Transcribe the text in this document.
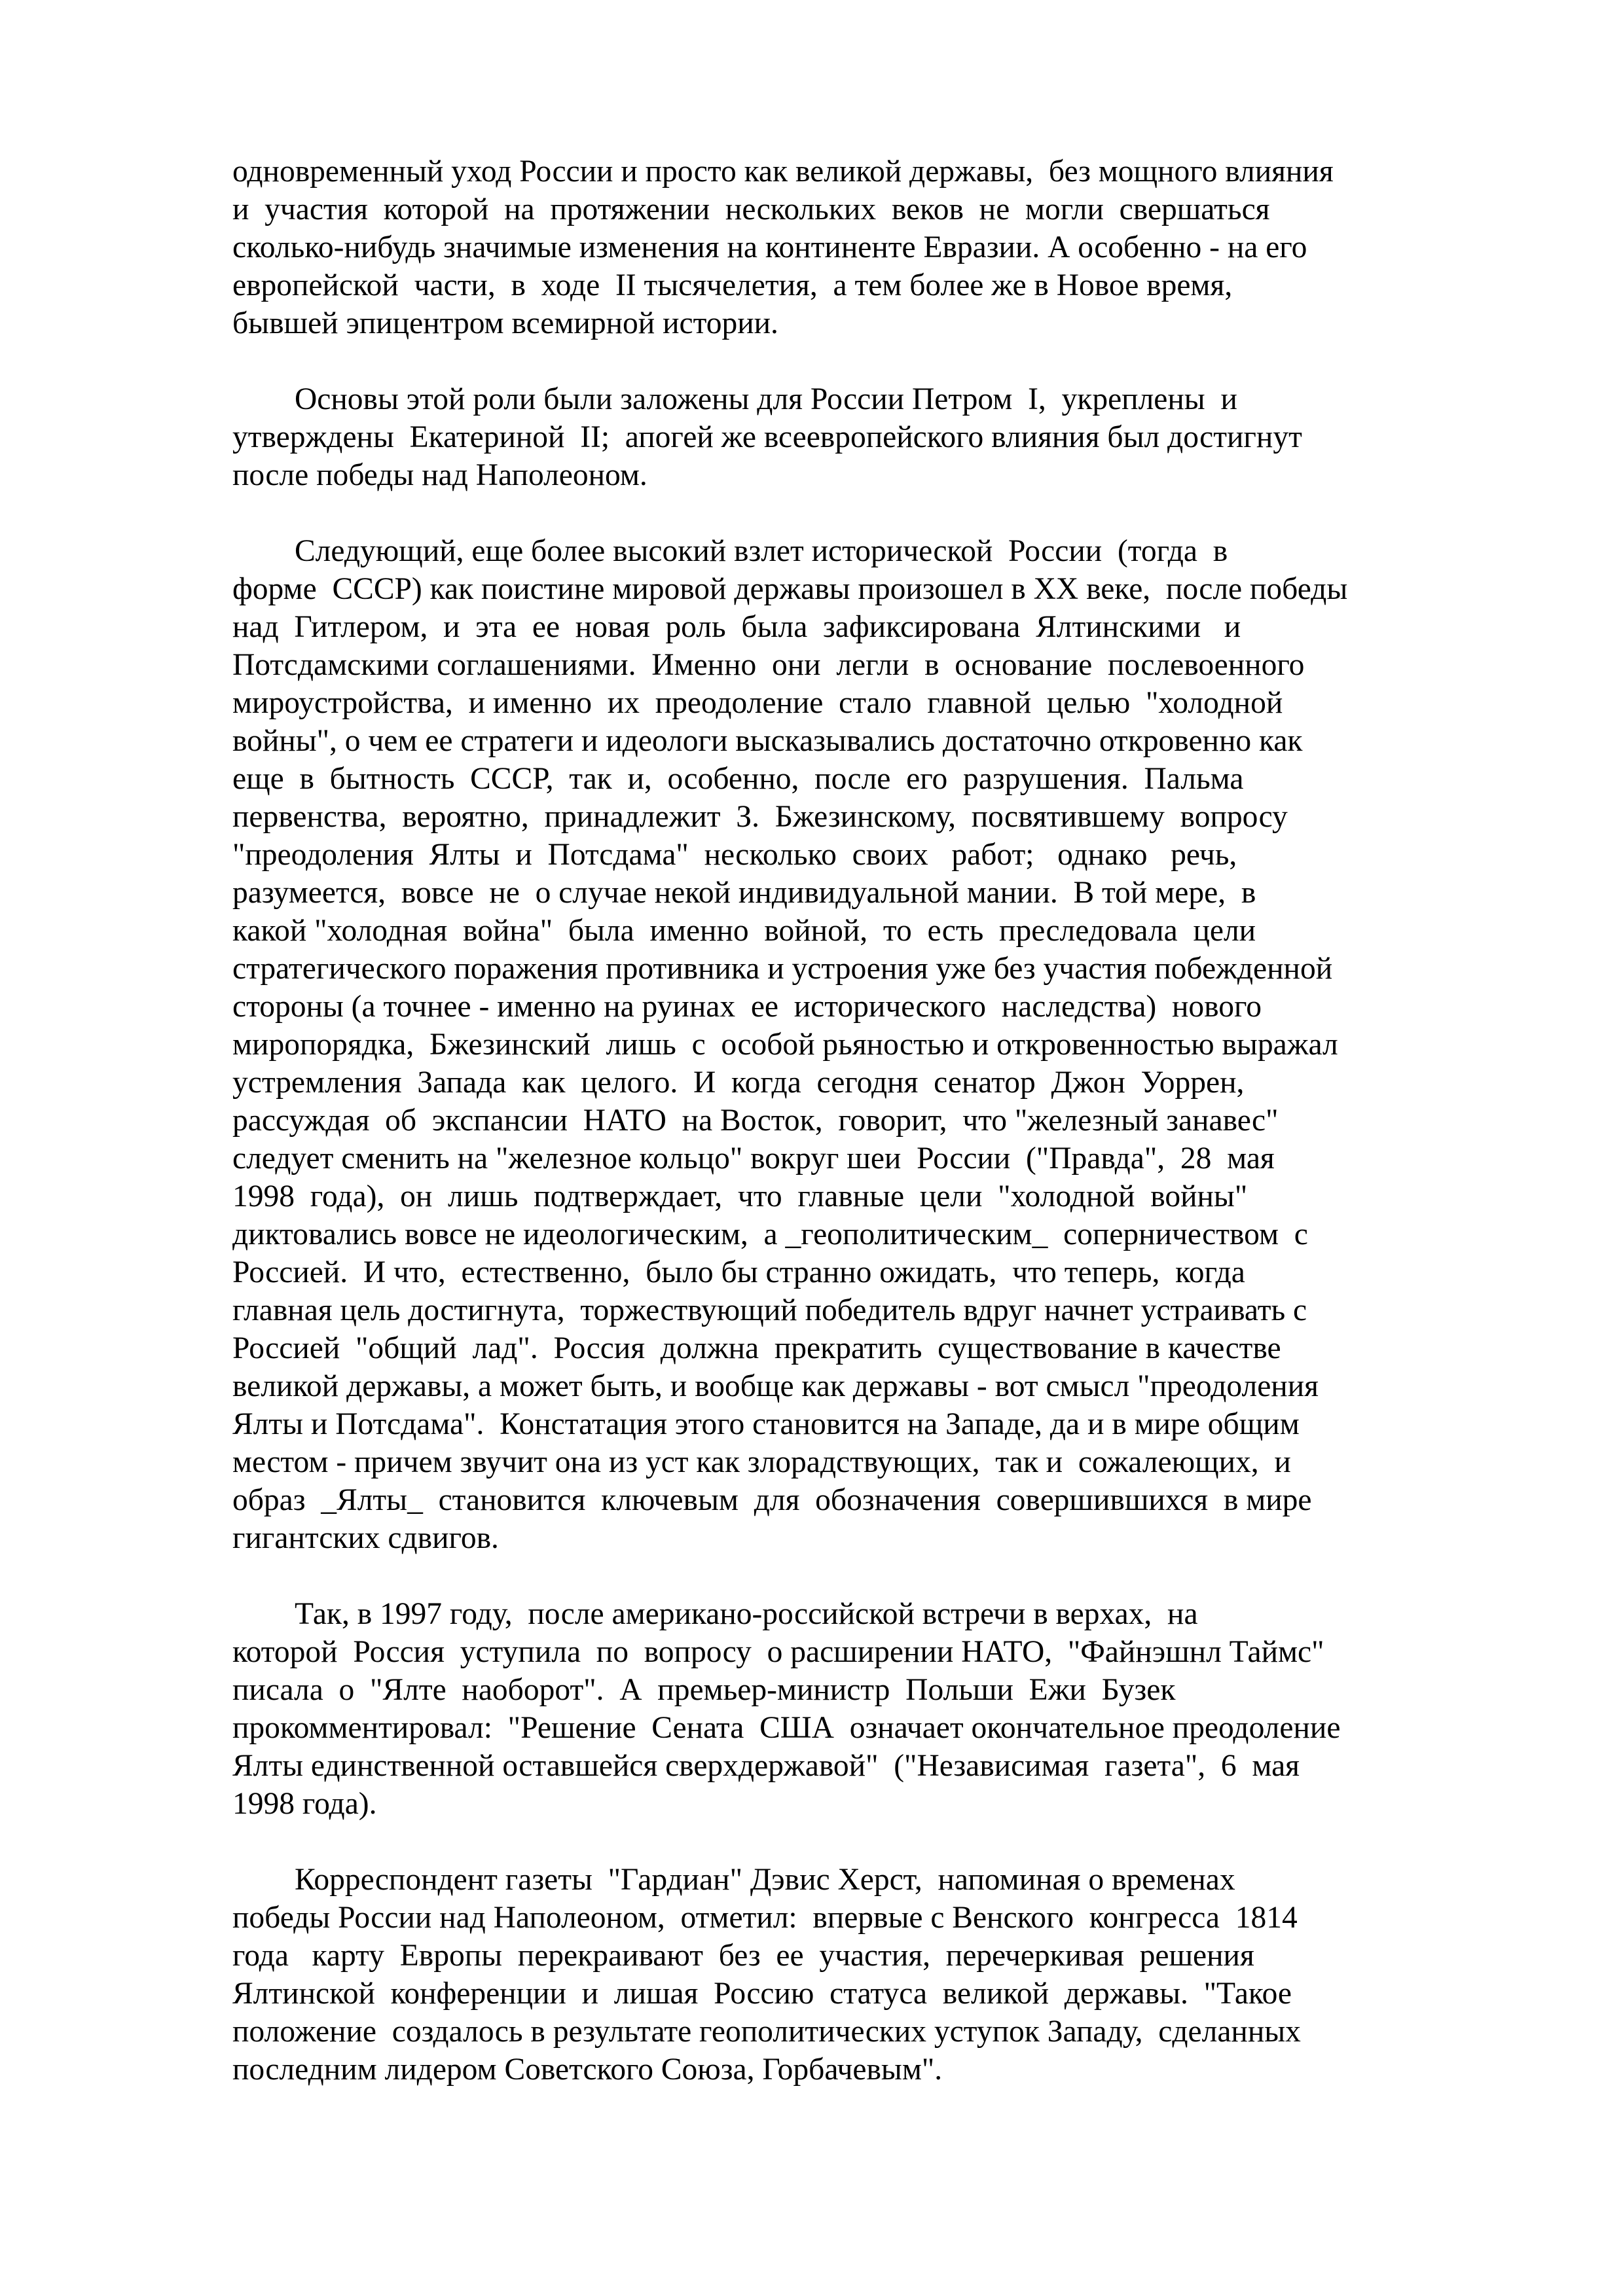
одновременный уход России и просто как великой державы,  без мощного влияния
и  участия  которой  на  протяжении  нескольких  веков  не  могли  свершаться
сколько-нибудь значимые изменения на континенте Евразии. А особенно - на его
европейской  части,  в  ходе  II тысячелетия,  а тем более же в Новое время,
бывшей эпицентром всемирной истории.
Основы этой роли были заложены для России Петром  I,  укреплены  и
утверждены  Екатериной  II;  апогей же всеевропейского влияния был достигнут
после победы над Наполеоном.
Следующий, еще более высокий взлет исторической  России  (тогда  в
форме  СССР) как поистине мировой державы произошел в XX веке,  после победы
над  Гитлером,  и  эта  ее  новая  роль  была  зафиксирована  Ялтинскими   и
Потсдамскими соглашениями.  Именно  они  легли  в  основание  послевоенного
мироустройства,  и именно  их  преодоление  стало  главной  целью  "холодной
войны", о чем ее стратеги и идеологи высказывались достаточно откровенно как
еще  в  бытность  СССР,  так  и,  особенно,  после  его  разрушения.  Пальма
первенства,  вероятно,  принадлежит  З.  Бжезинскому,  посвятившему  вопросу
"преодоления  Ялты  и  Потсдама"  несколько  своих   работ;   однако   речь,
разумеется,  вовсе  не  о случае некой индивидуальной мании.  В той мере,  в
какой "холодная  война"  была  именно  войной,  то  есть  преследовала  цели
стратегического поражения противника и устроения уже без участия побежденной
стороны (а точнее - именно на руинах  ее  исторического  наследства)  нового
миропорядка,  Бжезинский  лишь  с  особой рьяностью и откровенностью выражал
устремления  Запада  как  целого.  И  когда  сегодня  сенатор  Джон  Уоррен,
рассуждая  об  экспансии  НАТО  на Восток,  говорит,  что "железный занавес"
следует сменить на "железное кольцо" вокруг шеи  России  ("Правда",  28  мая
1998  года),  он  лишь  подтверждает,  что  главные  цели  "холодной  войны"
диктовались вовсе не идеологическим,  а _геополитическим_  соперничеством  с
Россией.  И что,  естественно,  было бы странно ожидать,  что теперь,  когда
главная цель достигнута,  торжествующий победитель вдруг начнет устраивать с
Россией  "общий  лад".  Россия  должна  прекратить  существование в качестве
великой державы, а может быть, и вообще как державы - вот смысл "преодоления
Ялты и Потсдама".  Констатация этого становится на Западе, да и в мире общим
местом - причем звучит она из уст как злорадствующих,  так и  сожалеющих,  и
образ  _Ялты_  становится  ключевым  для  обозначения  совершившихся  в мире
гигантских сдвигов.
Так, в 1997 году,  после американо-российской встречи в верхах,  на
которой  Россия  уступила  по  вопросу  о расширении НАТО,  "Файнэшнл Таймс"
писала  о  "Ялте  наоборот".  А  премьер-министр  Польши  Ежи  Бузек
прокомментировал:  "Решение  Сената  США  означает окончательное преодоление
Ялты единственной оставшейся сверхдержавой"  ("Независимая  газета",  6  мая
1998 года).
Корреспондент газеты  "Гардиан" Дэвис Херст,  напоминая о временах
победы России над Наполеоном,  отметил:  впервые с Венского  конгресса  1814
года   карту  Европы  перекраивают  без  ее  участия,  перечеркивая  решения
Ялтинской  конференции  и  лишая  Россию  статуса  великой  державы.  "Такое
положение  создалось в результате геополитических уступок Западу,  сделанных
последним лидером Советского Союза, Горбачевым".
